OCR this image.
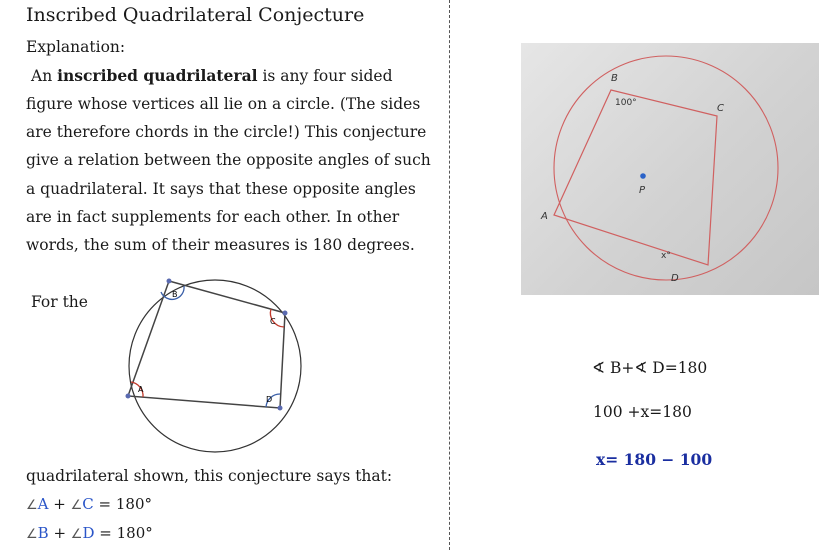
Inscribed Quadrilateral Conjecture
Explanation:
An inscribed quadrilateral is any four sided
figure whose vertices all lie on a circle. (The sides
are therefore chords in the circle!) This conjecture
give a relation between the opposite angles of such
a quadrilateral. It says that these opposite angles
are in fact supplements for each other. In other
words, the sum of their measures is 180 degrees.
For the	B
C
D
A
quadrilateral shown, this conjecture says that:
∠A + ∠C = 180°
∠B + ∠D = 180°
B
100°	C
P
A
x°
D
∢ B+∢ D=180
100 +x=180
x= 180 − 100
